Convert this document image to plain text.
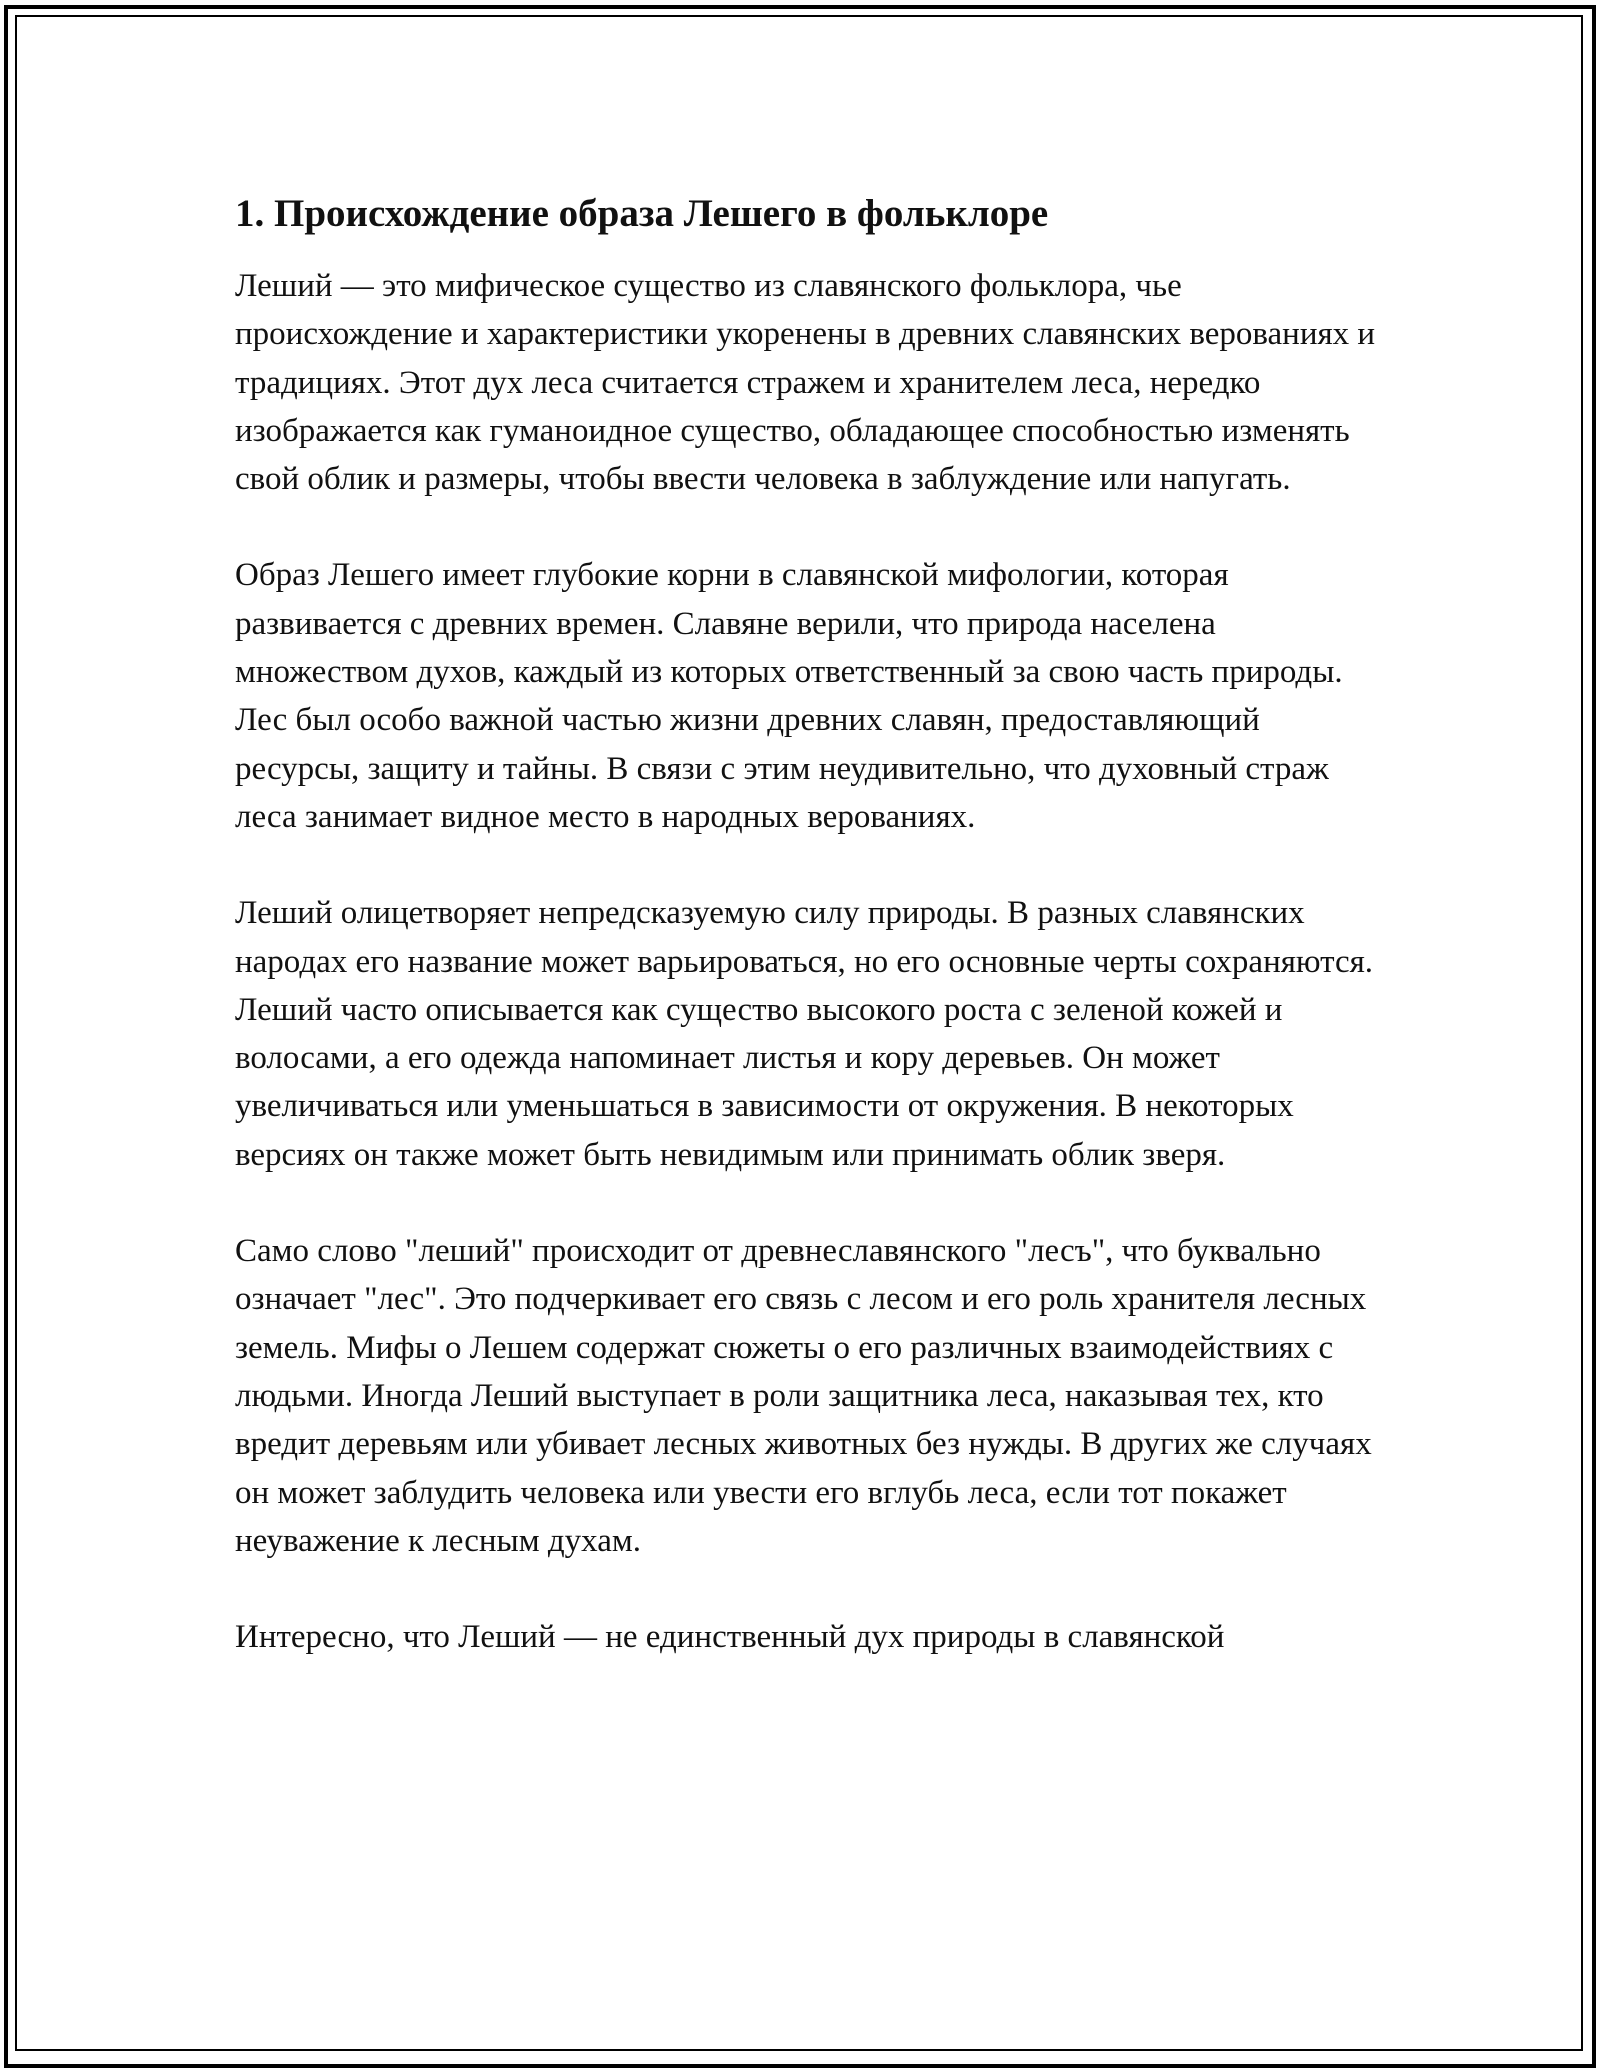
1. Происхождение образа Лешего в фольклоре

Леший — это мифическое существо из славянского фольклора, чье происхождение и характеристики укоренены в древних славянских верованиях и традициях. Этот дух леса считается стражем и хранителем леса, нередко изображается как гуманоидное существо, обладающее способностью изменять свой облик и размеры, чтобы ввести человека в заблуждение или напугать.

Образ Лешего имеет глубокие корни в славянской мифологии, которая развивается с древних времен. Славяне верили, что природа населена множеством духов, каждый из которых ответственный за свою часть природы. Лес был особо важной частью жизни древних славян, предоставляющий ресурсы, защиту и тайны. В связи с этим неудивительно, что духовный страж леса занимает видное место в народных верованиях.

Леший олицетворяет непредсказуемую силу природы. В разных славянских народах его название может варьироваться, но его основные черты сохраняются. Леший часто описывается как существо высокого роста с зеленой кожей и волосами, а его одежда напоминает листья и кору деревьев. Он может увеличиваться или уменьшаться в зависимости от окружения. В некоторых версиях он также может быть невидимым или принимать облик зверя.

Само слово "леший" происходит от древнеславянского "лесъ", что буквально означает "лес". Это подчеркивает его связь с лесом и его роль хранителя лесных земель. Мифы о Лешем содержат сюжеты о его различных взаимодействиях с людьми. Иногда Леший выступает в роли защитника леса, наказывая тех, кто вредит деревьям или убивает лесных животных без нужды. В других же случаях он может заблудить человека или увести его вглубь леса, если тот покажет неуважение к лесным духам.

Интересно, что Леший — не единственный дух природы в славянской
